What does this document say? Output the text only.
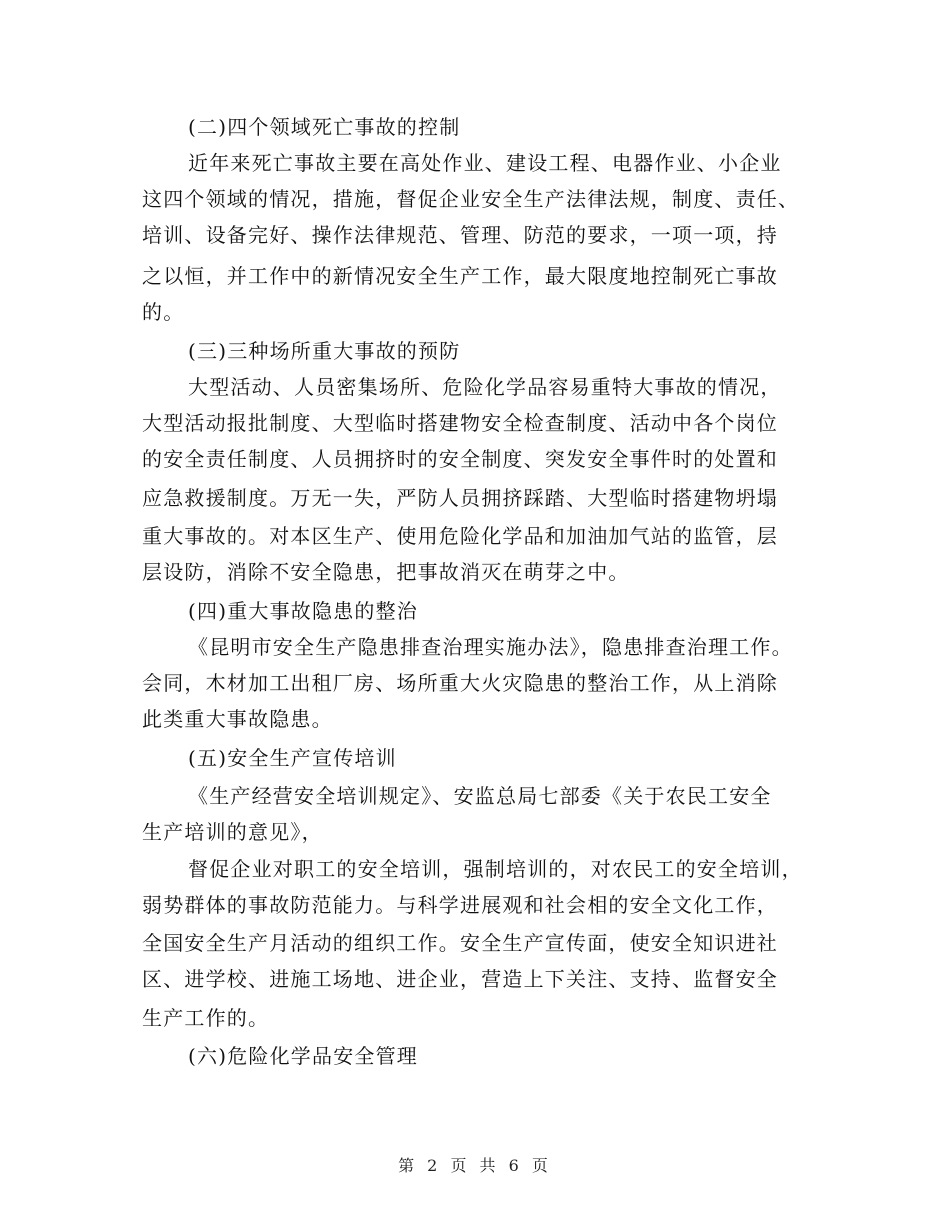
(二)四个领域死亡事故的控制
近年来死亡事故主要在高处作业、建设工程、电器作业、小企业
这四个领域的情况，措施，督促企业安全生产法律法规，制度、责任、
培训、设备完好、操作法律规范、管理、防范的要求，一项一项，持
之以恒，并工作中的新情况安全生产工作，最大限度地控制死亡事故
的。
(三)三种场所重大事故的预防
大型活动、人员密集场所、危险化学品容易重特大事故的情况，
大型活动报批制度、大型临时搭建物安全检查制度、活动中各个岗位
的安全责任制度、人员拥挤时的安全制度、突发安全事件时的处置和
应急救援制度。万无一失，严防人员拥挤踩踏、大型临时搭建物坍塌
重大事故的。对本区生产、使用危险化学品和加油加气站的监管，层
层设防，消除不安全隐患，把事故消灭在萌芽之中。
(四)重大事故隐患的整治
《昆明市安全生产隐患排查治理实施办法》，隐患排查治理工作。
会同，木材加工出租厂房、场所重大火灾隐患的整治工作，从上消除
此类重大事故隐患。
(五)安全生产宣传培训
《生产经营安全培训规定》、安监总局七部委《关于农民工安全
生产培训的意见》，
督促企业对职工的安全培训，强制培训的，对农民工的安全培训，
弱势群体的事故防范能力。与科学进展观和社会相的安全文化工作，
全国安全生产月活动的组织工作。安全生产宣传面，使安全知识进社
区、进学校、进施工场地、进企业，营造上下关注、支持、监督安全
生产工作的。
(六)危险化学品安全管理
第 2 页 共 6 页
